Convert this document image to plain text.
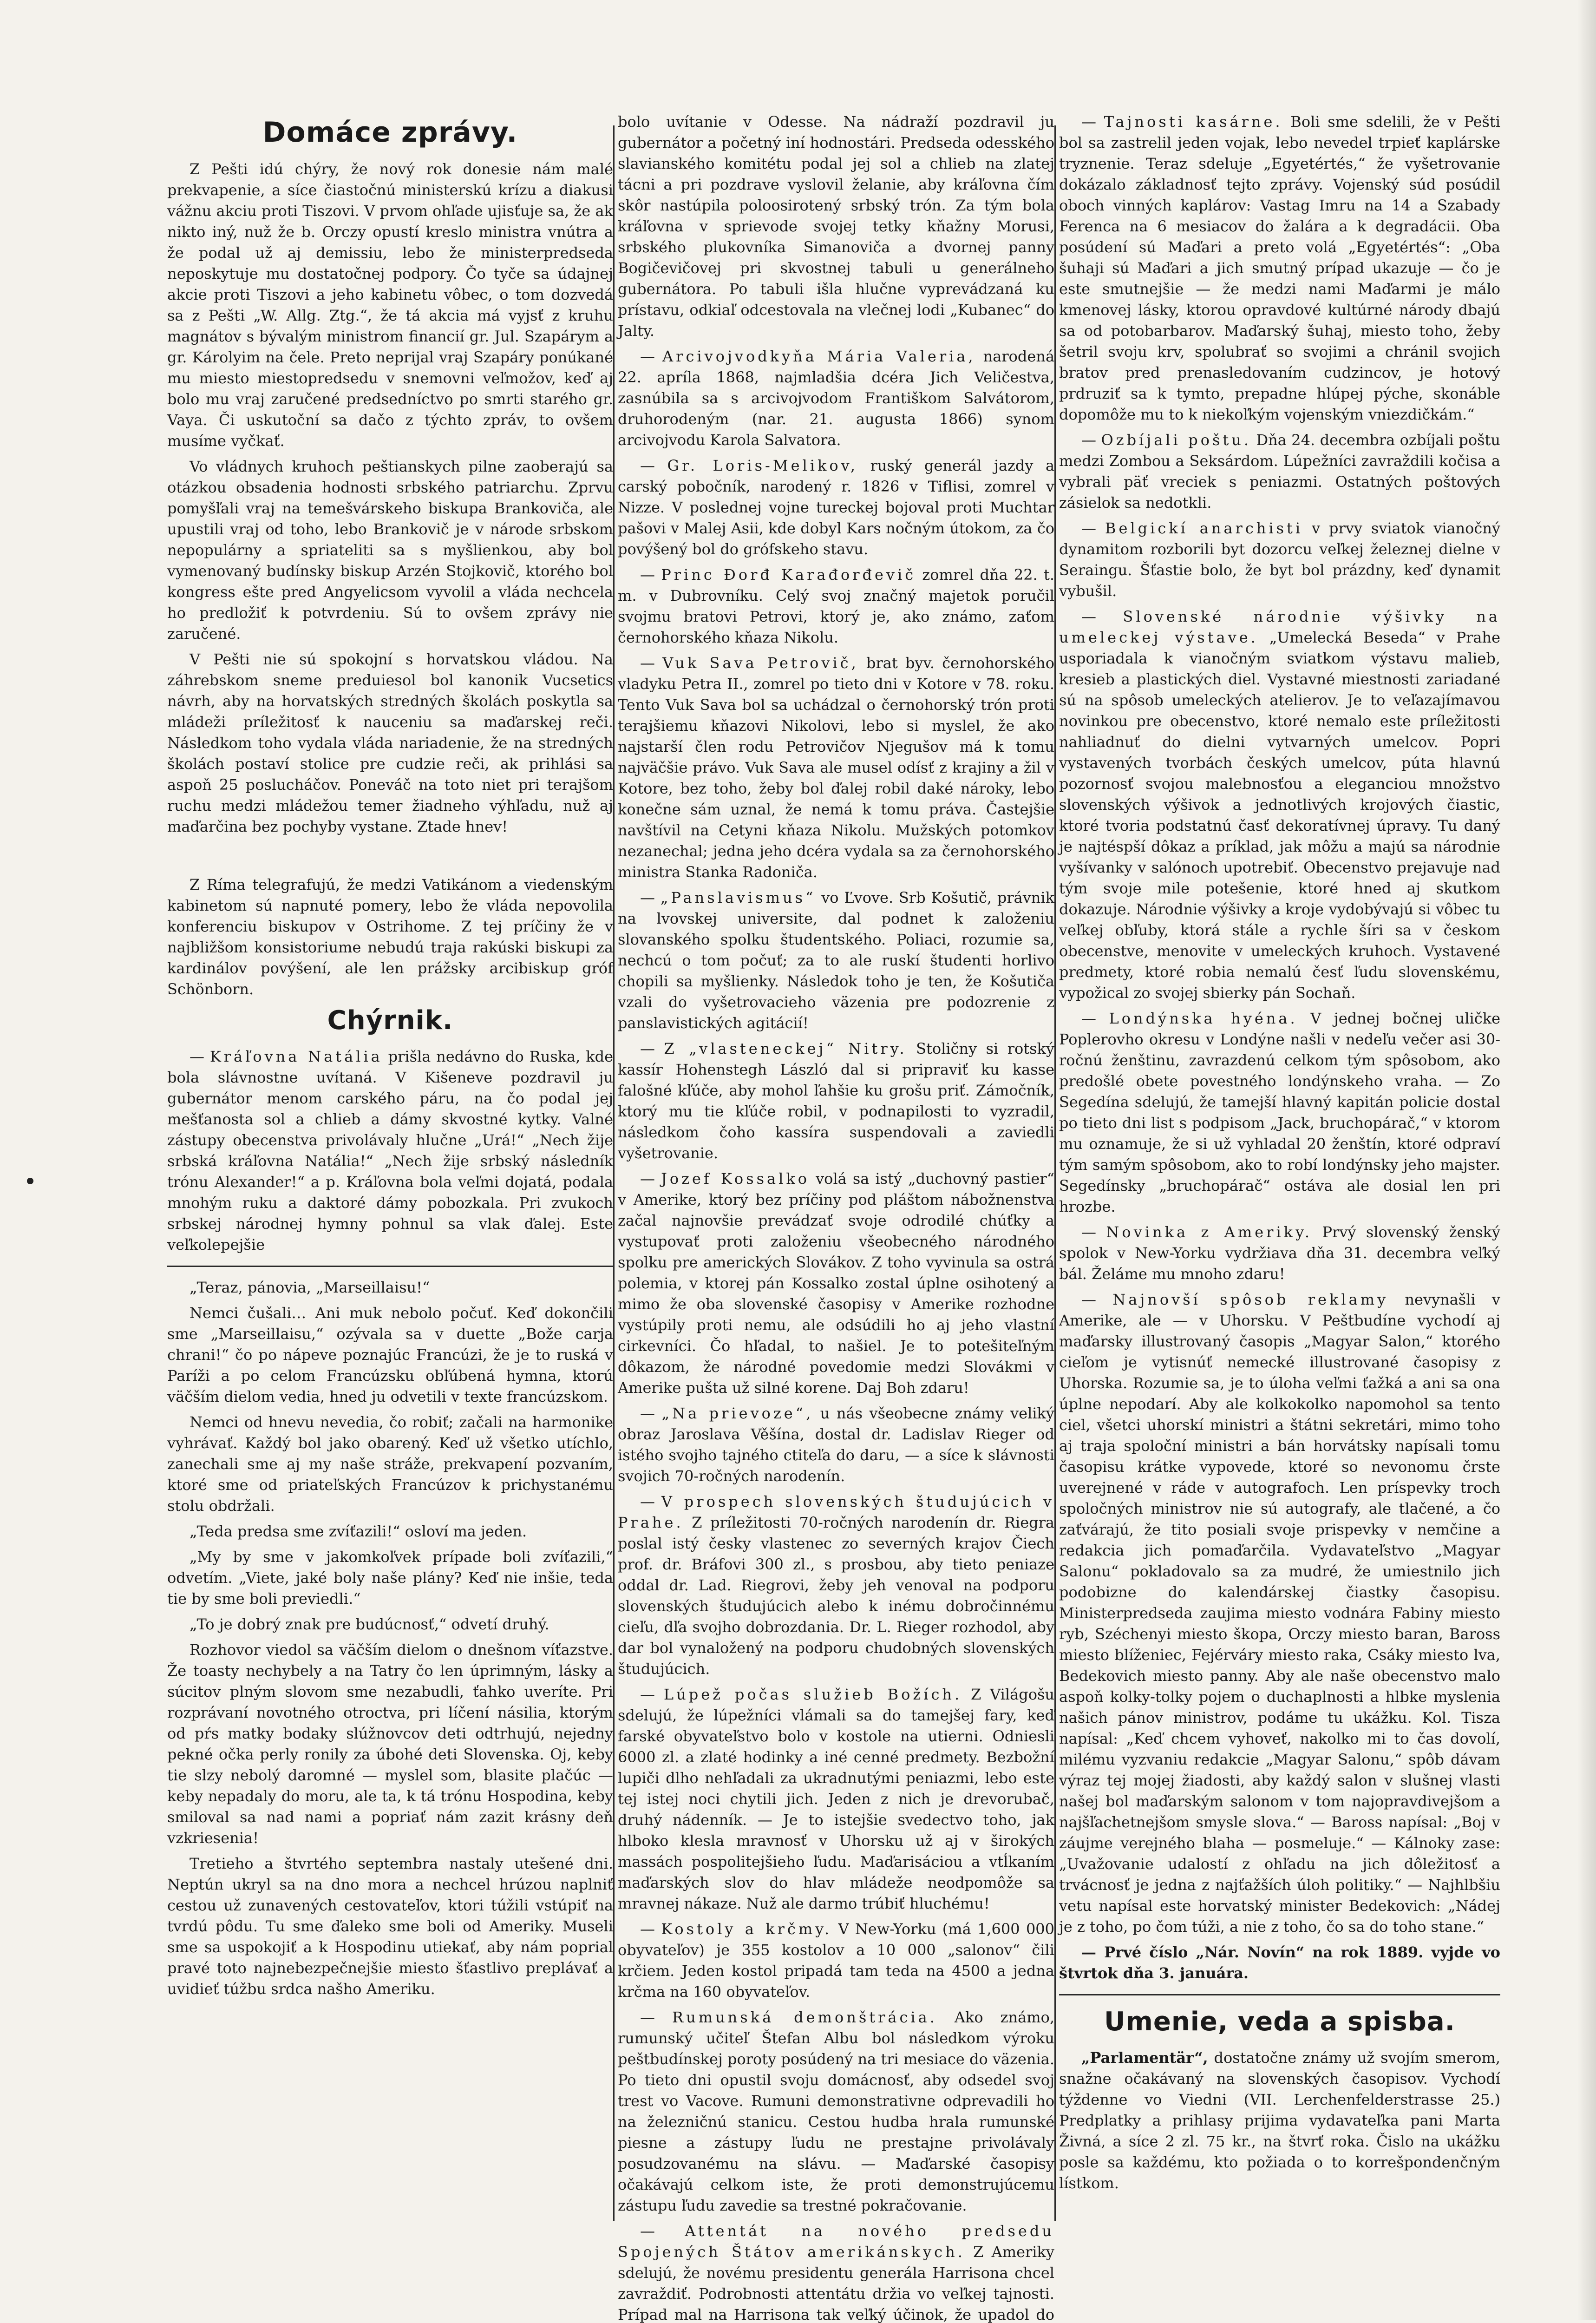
Domáce zprávy.

Z Pešti idú chýry, že nový rok donesie nám malé prekvapenie, a síce čiastočnú ministerskú krízu a diakusi vážnu akciu proti Tiszovi. V prvom ohľade ujisťuje sa, že ak nikto iný, nuž že b. Orczy opustí kreslo ministra vnútra a že podal už aj demissiu, lebo že ministerpredseda neposkytuje mu dostatočnej podpory. Čo tyče sa údajnej akcie proti Tiszovi a jeho kabinetu vôbec, o tom dozvedá sa z Pešti „W. Allg. Ztg.“, že tá akcia má vyjsť z kruhu magnátov s bývalým ministrom financií gr. Jul. Szapárym a gr. Károlyim na čele. Preto neprijal vraj Szapáry ponúkané mu miesto miestopredsedu v snemovni veľmožov, keď aj bolo mu vraj zaručené predsedníctvo po smrti starého gr. Vaya. Či uskutoční sa dačo z týchto zpráv, to ovšem musíme vyčkať.

Vo vládnych kruhoch peštianskych pilne zaoberajú sa otázkou obsadenia hodnosti srbského patriarchu. Zprvu pomyšľali vraj na temešvárskeho biskupa Brankoviča, ale upustili vraj od toho, lebo Brankovič je v národe srbskom nepopulárny a spriateliti sa s myšlienkou, aby bol vymenovaný budínsky biskup Arzén Stojkovič, ktorého bol kongress ešte pred Angyelicsom vyvolil a vláda nechcela ho predložiť k potvrdeniu. Sú to ovšem zprávy nie zaručené.

V Pešti nie sú spokojní s horvatskou vládou. Na záhrebskom sneme preduiesol bol kanonik Vucsetics návrh, aby na horvatských stredných školách poskytla sa mládeži príležitosť k nauceniu sa maďarskej reči. Následkom toho vydala vláda nariadenie, že na stredných školách postaví stolice pre cudzie reči, ak prihlási sa aspoň 25 poslucháčov. Poneváč na toto niet pri terajšom ruchu medzi mládežou temer žiadneho výhľadu, nuž aj maďarčina bez pochyby vystane. Ztade hnev!

Z Ríma telegrafujú, že medzi Vatikánom a viedenským kabinetom sú napnuté pomery, lebo že vláda nepovolila konferenciu biskupov v Ostrihome. Z tej príčiny že v najbližšom konsistoriume nebudú traja rakúski biskupi za kardinálov povýšení, ale len prážsky arcibiskup gróf Schönborn.

Chýrnik.

— Kráľovna Natália prišla nedávno do Ruska, kde bola slávnostne uvítaná. V Kišeneve pozdravil ju gubernátor menom carského páru, na čo podal jej mešťanosta sol a chlieb a dámy skvostné kytky. Valné zástupy obecenstva privolávaly hlučne „Urá!“ „Nech žije srbská kráľovna Natália!“ „Nech žije srbský následník trónu Alexander!“ a p. Kráľovna bola veľmi dojatá, podala mnohým ruku a daktoré dámy pobozkala. Pri zvukoch srbskej národnej hymny pohnul sa vlak ďalej. Este veľkolepejšie

„Teraz, pánovia, „Marseillaisu!“

Nemci čušali… Ani muk nebolo počuť. Keď dokončili sme „Marseillaisu,“ ozývala sa v duette „Bože carja chrani!“ čo po nápeve poznajúc Francúzi, že je to ruská v Paríži a po celom Francúzsku obľúbená hymna, ktorú väčším dielom vedia, hned ju odvetili v texte francúzskom.

Nemci od hnevu nevedia, čo robiť; začali na harmonike vyhrávať. Každý bol jako obarený. Keď už všetko utíchlo, zanechali sme aj my naše stráže, prekvapení pozvaním, ktoré sme od priateľských Francúzov k prichystanému stolu obdržali.

„Teda predsa sme zvíťazili!“ osloví ma jeden.

„My by sme v jakomkoľvek prípade boli zvíťazili,“ odvetím. „Viete, jaké boly naše plány? Keď nie inšie, teda tie by sme boli previedli.“

„To je dobrý znak pre budúcnosť,“ odvetí druhý.

Rozhovor viedol sa väčším dielom o dnešnom víťazstve. Že toasty nechybely a na Tatry čo len úprimným, lásky a súcitov plným slovom sme nezabudli, ťahko uveríte. Pri rozprávaní novotného otroctva, pri líčení násilia, ktorým od pŕs matky bodaky slúžnovcov deti odtrhujú, nejedny pekné očka perly ronily za úbohé deti Slovenska. Oj, keby tie slzy nebolý daromné — myslel som, blasite plačúc — keby nepadaly do moru, ale ta, k tá trónu Hospodina, keby smiloval sa nad nami a popriať nám zazit krásny deň vzkriesenia!

Tretieho a štvrtého septembra nastaly utešené dni. Neptún ukryl sa na dno mora a nechcel hrúzou naplniť cestou už zunavených cestovateľov, ktori túžili vstúpiť na tvrdú pôdu. Tu sme ďaleko sme boli od Ameriky. Museli sme sa uspokojiť a k Hospodinu utiekať, aby nám poprial pravé toto najnebezpečnejšie miesto šťastlivo preplávať a uvidieť túžbu srdca našho Ameriku.

bolo uvítanie v Odesse. Na nádraží pozdravil ju gubernátor a početný iní hodnostári. Predseda odesského slavianského komitétu podal jej sol a chlieb na zlatej tácni a pri pozdrave vyslovil želanie, aby kráľovna čím skôr nastúpila poloosirotený srbský trón. Za tým bola kráľovna v sprievode svojej tetky kňažny Morusi, srbského plukovníka Simanoviča a dvornej panny Bogičevičovej pri skvostnej tabuli u generálneho gubernátora. Po tabuli išla hlučne vyprevádzaná ku prístavu, odkiaľ odcestovala na vlečnej lodi „Kubanec“ do Jalty.

— Arcivojvodkyňa Mária Valeria, narodená 22. apríla 1868, najmladšia dcéra Jich Veličestva, zasnúbila sa s arcivojvodom Františkom Salvátorom, druhorodeným (nar. 21. augusta 1866) synom arcivojvodu Karola Salvatora.

— Gr. Loris-Melikov, ruský generál jazdy a carský pobočník, narodený r. 1826 v Tiflisi, zomrel v Nizze. V poslednej vojne tureckej bojoval proti Muchtar pašovi v Malej Asii, kde dobyl Kars nočným útokom, za čo povýšený bol do grófskeho stavu.

— Princ Đorđ Karađorđevič zomrel dňa 22. t. m. v Dubrovníku. Celý svoj značný majetok poručil svojmu bratovi Petrovi, ktorý je, ako známo, zaťom černohorského kňaza Nikolu.

— Vuk Sava Petrovič, brat byv. černohorského vladyku Petra II., zomrel po tieto dni v Kotore v 78. roku. Tento Vuk Sava bol sa uchádzal o černohorský trón proti terajšiemu kňazovi Nikolovi, lebo si myslel, že ako najstarší člen rodu Petrovičov Njegušov má k tomu najväčšie právo. Vuk Sava ale musel odísť z krajiny a žil v Kotore, bez toho, žeby bol ďalej robil daké nároky, lebo konečne sám uznal, že nemá k tomu práva. Častejšie navštívil na Cetyni kňaza Nikolu. Mužských potomkov nezanechal; jedna jeho dcéra vydala sa za černohorského ministra Stanka Radoniča.

— „Panslavismus“ vo Ľvove. Srb Košutič, právnik na lvovskej universite, dal podnet k založeniu slovanského spolku študentského. Poliaci, rozumie sa, nechcú o tom počuť; za to ale ruskí študenti horlivo chopili sa myšlienky. Následok toho je ten, že Košutiča vzali do vyšetrovacieho väzenia pre podozrenie z panslavistických agitácií!

— Z „vlasteneckej“ Nitry. Stoličny si rotský kassír Hohenstegh László dal si pripraviť ku kasse falošné kľúče, aby mohol ľahšie ku grošu priť. Zámočník, ktorý mu tie kľúče robil, v podnapilosti to vyzradil, následkom čoho kassíra suspendovali a zaviedli vyšetrovanie.

— Jozef Kossalko volá sa istý „duchovný pastier“ v Amerike, ktorý bez príčiny pod pláštom nábožnenstva začal najnovšie prevádzať svoje odrodilé chúťky a vystupovať proti založeniu všeobecného národného spolku pre amerických Slovákov. Z toho vyvinula sa ostrá polemia, v ktorej pán Kossalko zostal úplne osihotený a mimo že oba slovenské časopisy v Amerike rozhodne vystúpily proti nemu, ale odsúdili ho aj jeho vlastní cirkevníci. Čo hľadal, to našiel. Je to potešiteľným dôkazom, že národné povedomie medzi Slovákmi v Amerike pušta už silné korene. Daj Boh zdaru!

— „Na prievoze“, u nás všeobecne známy veliký obraz Jaroslava Věšína, dostal dr. Ladislav Rieger od istého svojho tajného ctiteľa do daru, — a síce k slávnosti svojich 70-ročných narodenín.

— V prospech slovenských študujúcich v Prahe. Z príležitosti 70-ročných narodenín dr. Riegra poslal istý česky vlastenec zo severných krajov Čiech prof. dr. Bráfovi 300 zl., s prosbou, aby tieto peniaze oddal dr. Lad. Riegrovi, žeby jeh venoval na podporu slovenských študujúcich alebo k inému dobročinnému cieľu, dľa svojho dobrozdania. Dr. L. Rieger rozhodol, aby dar bol vynaložený na podporu chudobných slovenských študujúcich.

— Lúpež počas služieb Božích. Z Világošu sdelujú, že lúpežníci vlámali sa do tamejšej fary, keď farské obyvateľstvo bolo v kostole na utierni. Odniesli 6000 zl. a zlaté hodinky a iné cenné predmety. Bezbožní lupiči dlho nehľadali za ukradnutými peniazmi, lebo este tej istej noci chytili jich. Jeden z nich je drevorubač, druhý nádenník. — Je to istejšie svedectvo toho, jak hlboko klesla mravnosť v Uhorsku už aj v širokých massách pospolitejšieho ľudu. Maďarisáciou a vtĺkaním maďarských slov do hlav mládeže neodpomôže sa mravnej nákaze. Nuž ale darmo trúbiť hluchému!

— Kostoly a krčmy. V New-Yorku (má 1,600 000 obyvateľov) je 355 kostolov a 10 000 „salonov“ čili krčiem. Jeden kostol pripadá tam teda na 4500 a jedna krčma na 160 obyvateľov.

— Rumunská demonštrácia. Ako známo, rumunský učiteľ Štefan Albu bol následkom výroku peštbudínskej poroty posúdený na tri mesiace do väzenia. Po tieto dni opustil svoju domácnosť, aby odsedel svoj trest vo Vacove. Rumuni demonstrativne odprevadili ho na železničnú stanicu. Cestou hudba hrala rumunské piesne a zástupy ľudu ne prestajne privolávaly posudzovanému na slávu. — Maďarské časopisy očakávajú celkom iste, že proti demonstrujúcemu zástupu ľudu zavedie sa trestné pokračovanie.

— Attentát na nového predsedu Spojených Štátov amerikánskych. Z Ameriky sdelujú, že novému presidentu generála Harrisona chcel zavraždiť. Podrobnosti attentátu držia vo veľkej tajnosti. Prípad mal na Harrisona tak veľký účinok, že upadol do

— Tajnosti kasárne. Boli sme sdelili, že v Pešti bol sa zastrelil jeden vojak, lebo nevedel trpieť kaplárske tryznenie. Teraz sdeluje „Egyetértés,“ že vyšetrovanie dokázalo základnosť tejto zprávy. Vojenský súd posúdil oboch vinných kaplárov: Vastag Imru na 14 a Szabady Ferenca na 6 mesiacov do žalára a k degradácii. Oba posúdení sú Maďari a preto volá „Egyetértés“: „Oba šuhaji sú Maďari a jich smutný prípad ukazuje — čo je este smutnejšie — že medzi nami Maďarmi je málo kmenovej lásky, ktorou opravdové kultúrné národy dbajú sa od potobarbarov. Maďarský šuhaj, miesto toho, žeby šetril svoju krv, spolubrať so svojimi a chránil svojich bratov pred prenasledovaním cudzincov, je hotový prdruziť sa k tymto, prepadne hlúpej pýche, skonáble dopomôže mu to k niekoľkým vojenským vniezdičkám.“

— Ozbíjali poštu. Dňa 24. decembra ozbíjali poštu medzi Zombou a Seksárdom. Lúpežníci zavraždili kočisa a vybrali päť vreciek s peniazmi. Ostatných poštových zásielok sa nedotkli.

— Belgickí anarchisti v prvy sviatok vianočný dynamitom rozborili byt dozorcu veľkej železnej dielne v Seraingu. Šťastie bolo, že byt bol prázdny, keď dynamit vybušil.

— Slovenské národnie výšivky na umeleckej výstave. „Umelecká Beseda“ v Prahe usporiadala k vianočným sviatkom výstavu malieb, kresieb a plastických diel. Vystavné miestnosti zariadané sú na spôsob umeleckých atelierov. Je to veľazajímavou novinkou pre obecenstvo, ktoré nemalo este príležitosti nahliadnuť do dielni vytvarných umelcov. Popri vystavených tvorbách českých umelcov, púta hlavnú pozornosť svojou malebnosťou a eleganciou množstvo slovenských výšivok a jednotlivých krojových čiastic, ktoré tvoria podstatnú časť dekoratívnej úpravy. Tu daný je najtéspší dôkaz a príklad, jak môžu a majú sa národnie vyšívanky v salónoch upotrebiť. Obecenstvo prejavuje nad tým svoje mile potešenie, ktoré hned aj skutkom dokazuje. Národnie výšivky a kroje vydobývajú si vôbec tu veľkej obľuby, ktorá stále a rychle šíri sa v českom obecenstve, menovite v umeleckých kruhoch. Vystavené predmety, ktoré robia nemalú česť ľudu slovenskému, vypožical zo svojej sbierky pán Sochaň.

— Londýnska hyéna. V jednej bočnej uličke Poplerovho okresu v Londýne našli v nedeľu večer asi 30-ročnú ženštinu, zavrazdenú celkom tým spôsobom, ako predošlé obete povestného londýnskeho vraha. — Zo Segedína sdelujú, že tamejší hlavný kapitán policie dostal po tieto dni list s podpisom „Jack, bruchopárač,“ v ktorom mu oznamuje, že si už vyhladal 20 ženštín, ktoré odpraví tým samým spôsobom, ako to robí londýnsky jeho majster. Segedínsky „bruchopárač“ ostáva ale dosial len pri hrozbe.

— Novinka z Ameriky. Prvý slovenský ženský spolok v New-Yorku vydržiava dňa 31. decembra veľký bál. Želáme mu mnoho zdaru!

— Najnovší spôsob reklamy nevynašli v Amerike, ale — v Uhorsku. V Peštbudíne vychodí aj maďarsky illustrovaný časopis „Magyar Salon,“ ktorého cieľom je vytisnúť nemecké illustrované časopisy z Uhorska. Rozumie sa, je to úloha veľmi ťažká a ani sa ona úplne nepodarí. Aby ale kolkokolko napomohol sa tento ciel, všetci uhorskí ministri a štátni sekretári, mimo toho aj traja spoloční ministri a bán horvátsky napísali tomu časopisu krátke vypovede, ktoré so nevonomu črste uverejnené v ráde v autografoch. Len príspevky troch spoločných ministrov nie sú autografy, ale tlačené, a čo zaťvárajú, že tito posiali svoje prispevky v nemčine a redakcia jich pomaďarčila. Vydavateľstvo „Magyar Salonu“ pokladovalo sa za mudré, že umiestnilo jich podobizne do kalendárskej čiastky časopisu. Ministerpredseda zaujima miesto vodnára Fabiny miesto ryb, Széchenyi miesto škopa, Orczy miesto baran, Baross miesto blíženiec, Fejérváry miesto raka, Csáky miesto lva, Bedekovich miesto panny. Aby ale naše obecenstvo malo aspoň kolky-tolky pojem o duchaplnosti a hlbke myslenia našich pánov ministrov, podáme tu ukážku. Kol. Tisza napísal: „Keď chcem vyhoveť, nakolko mi to čas dovolí, milému vyzvaniu redakcie „Magyar Salonu,“ spôb dávam výraz tej mojej žiadosti, aby každý salon v slušnej vlasti našej bol maďarským salonom v tom najopravdivejšom a najšľachetnejšom smysle slova.“ — Baross napísal: „Boj v záujme verejného blaha — posmeluje.“ — Kálnoky zase: „Uvažovanie udalostí z ohľadu na jich dôležitosť a trvácnosť je jedna z najťažších úloh politiky.“ — Najhlbšiu vetu napísal este horvatský minister Bedekovich: „Nádej je z toho, po čom túži, a nie z toho, čo sa do toho stane.“

— Prvé číslo „Nár. Novín“ na rok 1889. vyjde vo štvrtok dňa 3. januára.

Umenie, veda a spisba.

„Parlamentär“, dostatočne známy už svojím smerom, snažne očakávaný na slovenských časopisov. Vychodí týždenne vo Viedni (VII. Lerchenfelderstrasse 25.) Predplatky a prihlasy prijima vydavateľka pani Marta Živná, a síce 2 zl. 75 kr., na štvrť roka. Čislo na ukážku posle sa každému, kto požiada o to korrešpondenčným lístkom.
